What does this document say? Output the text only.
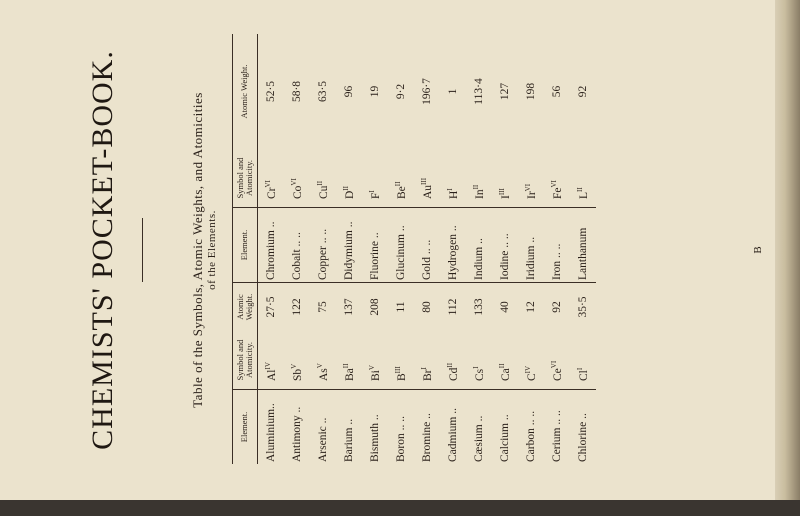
CHEMISTS' POCKET-BOOK.	Table of the Symbols, Atomic Weights, and Atomicities of the Elements.
Element.	Symbol and Atomicity.	Atomic Weight.	Element.	Symbol and Atomicity.	Atomic Weight.
Aluminium..	$Al^{IV}$	27·5	Chromium ..	$Cr^{VI}$	52·5
Antimony ..	$Sb^V$	122	Cobalt .. ..	$Co^{VI}$	58·8
Arsenic ..	$As^V$	75	Copper .. ..	$Cu^{II}$	63·5
Barium ..	$Ba^{II}$	137	Didymium ..	$D^{II}$	96
Bismuth ..	$Bi^V$	208	Fluorine ..	$F^I$	19
Boron .. ..	$B^{III}$	11	Glucinum ..	$Be^{II}$	9·2
Bromine ..	$Br^I$	80	Gold .. ..	$Au^{III}$	196·7
Cadmium ..	$Cd^{II}$	112	Hydrogen ..	$H^I$	1
Cæsium ..	$Cs^I$	133	Indium ..	$In^{II}$	113·4
Calcium ..	$Ca^{II}$	40	Iodine .. ..	$I^{III}$	127
Carbon .. ..	$C^{IV}$	12	Iridium ..	$Ir^{VI}$	198
Cerium .. ..	$Ce^{VI}$	92	Iron .. ..	$Fe^{VI}$	56
Chlorine ..	$Cl^I$	35·5	Lanthanum	$L^{II}$	92
B
